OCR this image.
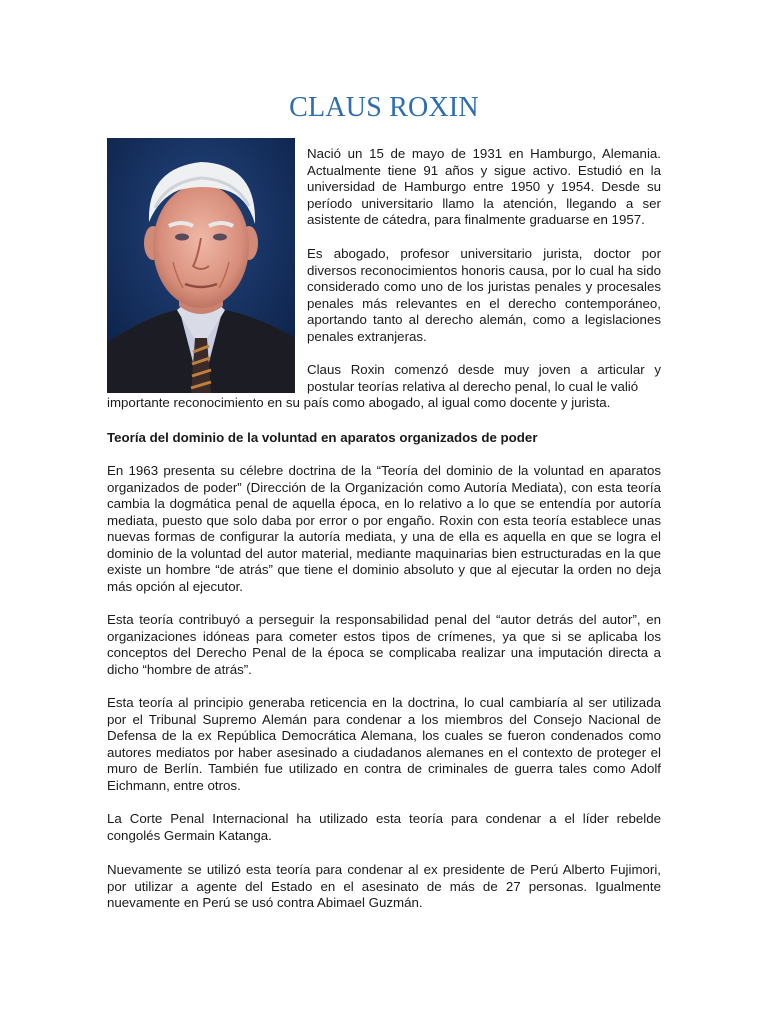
CLAUS ROXIN

Nació un 15 de mayo de 1931 en Hamburgo, Alemania. Actualmente tiene 91 años y sigue activo. Estudió en la universidad de Hamburgo entre 1950 y 1954. Desde su período universitario llamo la atención, llegando a ser asistente de cátedra, para finalmente graduarse en 1957.

Es abogado, profesor universitario jurista, doctor por diversos reconocimientos honoris causa, por lo cual ha sido considerado como uno de los juristas penales y procesales penales más relevantes en el derecho contemporáneo, aportando tanto al derecho alemán, como a legislaciones penales extranjeras.

Claus Roxin comenzó desde muy joven a articular y postular teorías relativa al derecho penal, lo cual le valió

importante reconocimiento en su país como abogado, al igual como docente y jurista.

Teoría del dominio de la voluntad en aparatos organizados de poder

En 1963 presenta su célebre doctrina de la “Teoría del dominio de la voluntad en aparatos organizados de poder” (Dirección de la Organización como Autoría Mediata), con esta teoría cambia la dogmática penal de aquella época, en lo relativo a lo que se entendía por autoría mediata, puesto que solo daba por error o por engaño. Roxin con esta teoría establece unas nuevas formas de configurar la autoría mediata, y una de ella es aquella en que se logra el dominio de la voluntad del autor material, mediante maquinarias bien estructuradas en la que existe un hombre “de atrás” que tiene el dominio absoluto y que al ejecutar la orden no deja más opción al ejecutor.

Esta teoría contribuyó a perseguir la responsabilidad penal del “autor detrás del autor”, en organizaciones idóneas para cometer estos tipos de crímenes, ya que si se aplicaba los conceptos del Derecho Penal de la época se complicaba realizar una imputación directa a dicho “hombre de atrás”.

Esta teoría al principio generaba reticencia en la doctrina, lo cual cambiaría al ser utilizada por el Tribunal Supremo Alemán para condenar a los miembros del Consejo Nacional de Defensa de la ex República Democrática Alemana, los cuales se fueron condenados como autores mediatos por haber asesinado a ciudadanos alemanes en el contexto de proteger el muro de Berlín. También fue utilizado en contra de criminales de guerra tales como Adolf Eichmann, entre otros.

La Corte Penal Internacional ha utilizado esta teoría para condenar a el líder rebelde congolés Germain Katanga.

Nuevamente se utilizó esta teoría para condenar al ex presidente de Perú Alberto Fujimori, por utilizar a agente del Estado en el asesinato de más de 27 personas. Igualmente nuevamente en Perú se usó contra Abimael Guzmán.
